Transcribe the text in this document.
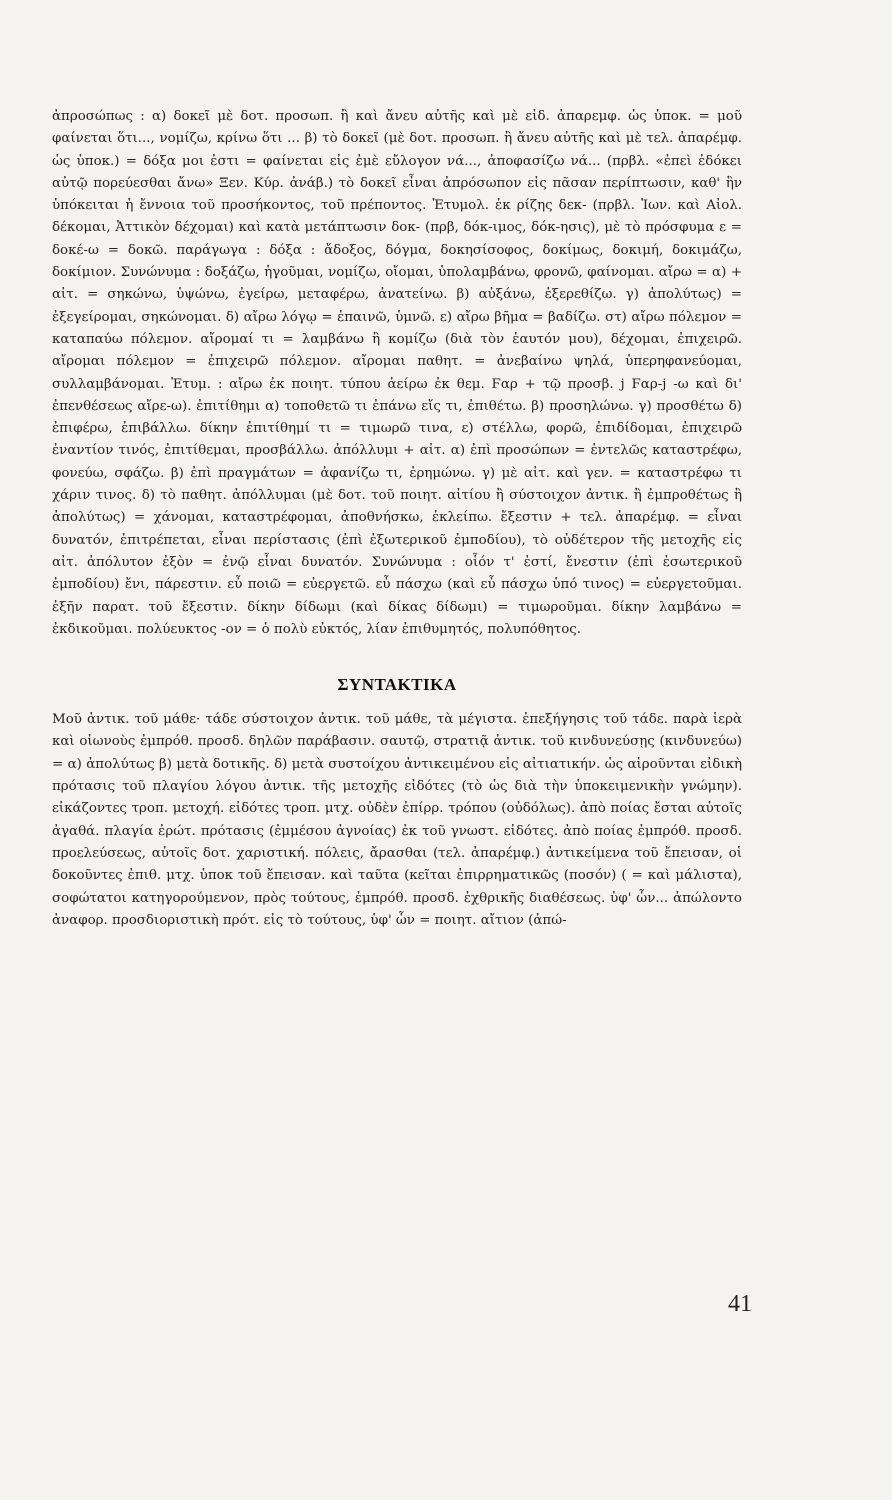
ἀπροσώπως : α) δοκεῖ μὲ δοτ. προσωπ. ἢ καὶ ἄνευ αὐτῆς καὶ μὲ εἰδ. ἀπαρεμφ. ὡς ὑποκ. = μοῦ φαίνεται ὅτι..., νομίζω, κρίνω ὅτι ... β) τὸ δοκεῖ (μὲ δοτ. προσωπ. ἢ ἄνευ αὐτῆς καὶ μὲ τελ. ἀπαρέμφ. ὡς ὑποκ.) = δόξα μοι ἐστι = φαίνεται εἰς ἐμὲ εὔλογον νά..., ἀποφασίζω νά... (πρβλ. «ἐπεὶ ἐδόκει αὐτῷ πορεύεσθαι ἄνω» Ξεν. Κύρ. ἀνάβ.) τὸ δοκεῖ εἶναι ἀπρόσωπον εἰς πᾶσαν περίπτωσιν, καθ' ἣν ὑπόκειται ἡ ἔννοια τοῦ προσήκοντος, τοῦ πρέποντος. Ἐτυμολ. ἐκ ρίζης δεκ- (πρβλ. Ἰων. καὶ Αἰολ. δέκομαι, Ἀττικὸν δέχομαι) καὶ κατὰ μετάπτωσιν δοκ- (πρβ, δόκ-ιμος, δόκ-ησις), μὲ τὸ πρόσφυμα ε = δοκέ-ω = δοκῶ. παράγωγα : δόξα : ἄδοξος, δόγμα, δοκησίσοφος, δοκίμως, δοκιμή, δοκιμάζω, δοκίμιον. Συνώνυμα : δοξάζω, ἡγοῦμαι, νομίζω, οἴομαι, ὑπολαμβάνω, φρονῶ, φαίνομαι. αἴρω = α) + αἰτ. = σηκώνω, ὑψώνω, ἐγείρω, μεταφέρω, ἀνατείνω. β) αὐξάνω, ἐξερεθίζω. γ) ἀπολύτως) = ἐξεγείρομαι, σηκώνομαι. δ) αἴρω λόγῳ = ἐπαινῶ, ὑμνῶ. ε) αἴρω βῆμα = βαδίζω. στ) αἴρω πόλεμον = καταπαύω πόλεμον. αἴρομαί τι = λαμβάνω ἢ κομίζω (διὰ τὸν ἑαυτόν μου), δέχομαι, ἐπιχειρῶ. αἴρομαι πόλεμον = ἐπιχειρῶ πόλεμον. αἴρομαι παθητ. = ἀνεβαίνω ψηλά, ὑπερηφανεύομαι, συλλαμβάνομαι. Ἐτυμ. : αἴρω ἐκ ποιητ. τύπου ἀείρω ἐκ θεμ. Ϝαρ + τῷ προσβ. j Ϝαρ-j -ω καὶ δι' ἐπενθέσεως αἴρε-ω). ἐπιτίθημι α) τοποθετῶ τι ἐπάνω εἴς τι, ἐπιθέτω. β) προσηλώνω. γ) προσθέτω δ) ἐπιφέρω, ἐπιβάλλω. δίκην ἐπιτίθημί τι = τιμωρῶ τινα, ε) στέλλω, φορῶ, ἐπιδίδομαι, ἐπιχειρῶ ἐναντίον τινός, ἐπιτίθεμαι, προσβάλλω. ἀπόλλυμι + αἰτ. α) ἐπὶ προσώπων = ἐντελῶς καταστρέφω, φονεύω, σφάζω. β) ἐπὶ πραγμάτων = ἀφανίζω τι, ἐρημώνω. γ) μὲ αἰτ. καὶ γεν. = καταστρέφω τι χάριν τινος. δ) τὸ παθητ. ἀπόλλυμαι (μὲ δοτ. τοῦ ποιητ. αἰτίου ἢ σύστοιχον ἀντικ. ἢ ἐμπροθέτως ἢ ἀπολύτως) = χάνομαι, καταστρέφομαι, ἀποθνήσκω, ἐκλείπω. ἔξεστιν + τελ. ἀπαρέμφ. = εἶναι δυνατόν, ἐπιτρέπεται, εἶναι περίστασις (ἐπὶ ἐξωτερικοῦ ἐμποδίου), τὸ οὐδέτερον τῆς μετοχῆς εἰς αἰτ. ἀπόλυτον ἐξὸν = ἐνῷ εἶναι δυνατόν. Συνώνυμα : οἷόν τ' ἐστί, ἔνεστιν (ἐπὶ ἐσωτερικοῦ ἐμποδίου) ἔνι, πάρεστιν. εὖ ποιῶ = εὐεργετῶ. εὖ πάσχω (καὶ εὖ πάσχω ὑπό τινος) = εὐεργετοῦμαι. ἐξῆν παρατ. τοῦ ἔξεστιν. δίκην δίδωμι (καὶ δίκας δίδωμι) = τιμωροῦμαι. δίκην λαμβάνω = ἐκδικοῦμαι. πολύευκτος -ον = ὁ πολὺ εὐκτός, λίαν ἐπιθυμητός, πολυπόθητος.

ΣΥΝΤΑΚΤΙΚΑ

Μοῦ ἀντικ. τοῦ μάθε· τάδε σύστοιχον ἀντικ. τοῦ μάθε, τὰ μέγιστα. ἐπεξήγησις τοῦ τάδε. παρὰ ἱερὰ καὶ οἰωνοὺς ἐμπρόθ. προσδ. δηλῶν παράβασιν. σαυτῷ, στρατιᾷ ἀντικ. τοῦ κινδυνεύσῃς (κινδυνεύω) = α) ἀπολύτως β) μετὰ δοτικῆς. δ) μετὰ συστοίχου ἀντικειμένου εἰς αἰτιατικήν. ὡς αἱροῦνται εἰδικὴ πρότασις τοῦ πλαγίου λόγου ἀντικ. τῆς μετοχῆς εἰδότες (τὸ ὡς διὰ τὴν ὑποκειμενικὴν γνώμην). εἰκάζοντες τροπ. μετοχή. εἰδότες τροπ. μτχ. οὐδὲν ἐπίρρ. τρόπου (οὐδόλως). ἀπὸ ποίας ἔσται αὐτοῖς ἀγαθά. πλαγία ἐρώτ. πρότασις (ἐμμέσου ἀγνοίας) ἐκ τοῦ γνωστ. εἰδότες. ἀπὸ ποίας ἐμπρόθ. προσδ. προελεύσεως, αὐτοῖς δοτ. χαριστική. πόλεις, ἄρασθαι (τελ. ἀπαρέμφ.) ἀντικείμενα τοῦ ἔπεισαν, οἱ δοκοῦντες ἐπιθ. μτχ. ὑποκ τοῦ ἔπεισαν. καὶ ταῦτα (κεῖται ἐπιρρηματικῶς (ποσόν) ( = καὶ μάλιστα), σοφώτατοι κατηγορούμενον, πρὸς τούτους, ἐμπρόθ. προσδ. ἐχθρικῆς διαθέσεως. ὑφ' ὧν... ἀπώλοντο ἀναφορ. προσδιοριστικὴ πρότ. εἰς τὸ τούτους, ὑφ' ὧν = ποιητ. αἴτιον (ἀπώ-

41
